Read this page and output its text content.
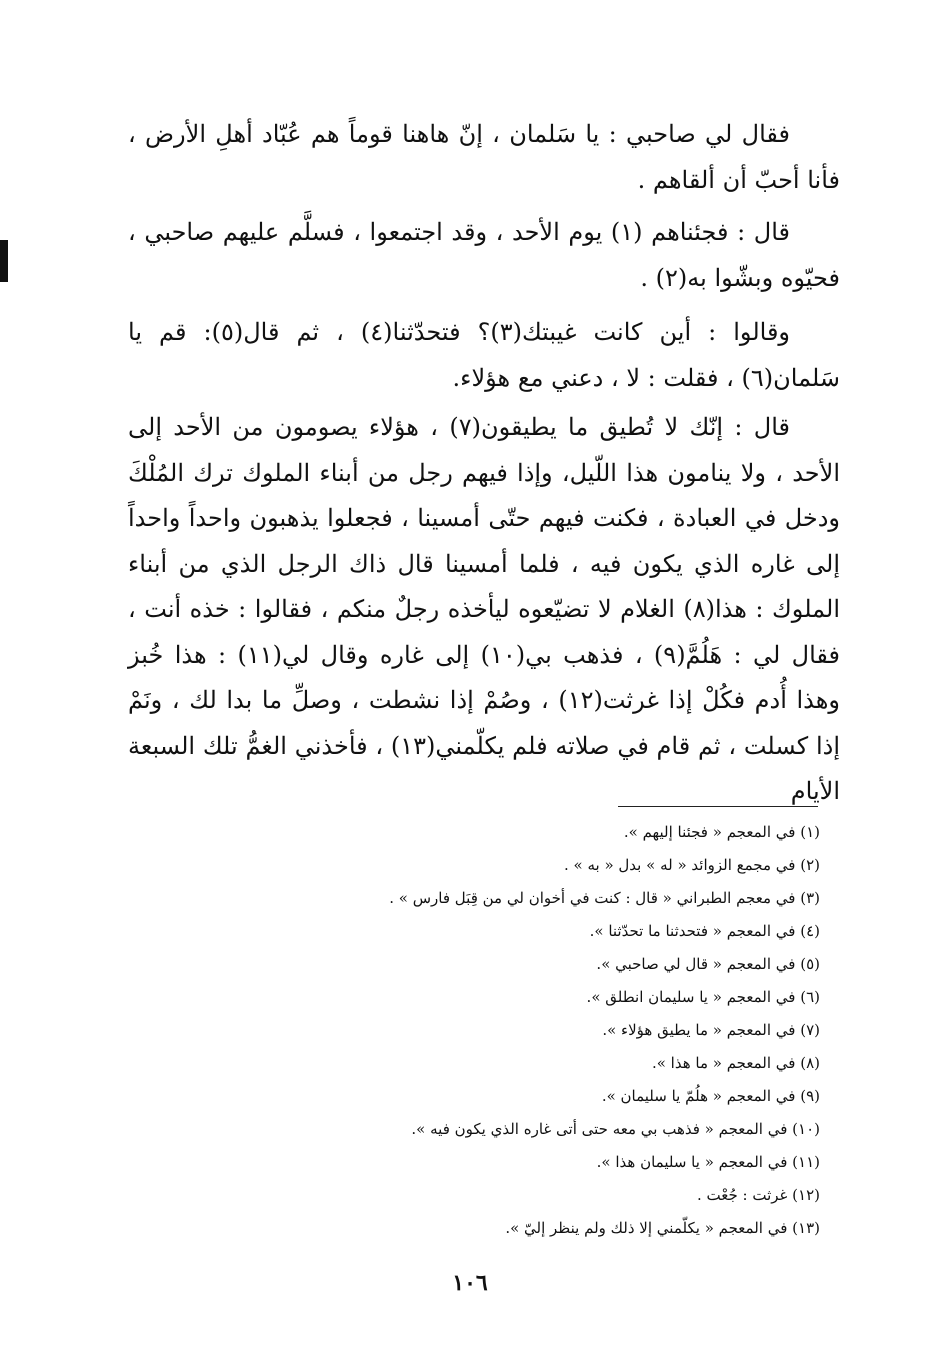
فقال لي صاحبي : يا سَلمان ، إنّ هاهنا قوماً هم عُبّاد أهلِ الأرض ، فأنا أحبّ أن ألقاهم .

قال : فجئناهم (١) يوم الأحد ، وقد اجتمعوا ، فسلَّم عليهم صاحبي ، فحيّوه وبشّوا به(٢) .

وقالوا : أين كانت غيبتك(٣)؟ فتحدّثنا(٤) ، ثم قال(٥): قم يا سَلمان(٦) ، فقلت : لا ، دعني مع هؤلاء.

قال : إنّك لا تُطيق ما يطيقون(٧) ، هؤلاء يصومون من الأحد إلى الأحد ، ولا ينامون هذا اللّيل، وإذا فيهم رجل من أبناء الملوك ترك المُلْكَ ودخل في العبادة ، فكنت فيهم حتّى أمسينا ، فجعلوا يذهبون واحداً واحداً إلى غاره الذي يكون فيه ، فلما أمسينا قال ذاك الرجل الذي من أبناء الملوك : هذا(٨) الغلام لا تضيّعوه ليأخذه رجلٌ منكم ، فقالوا : خذه أنت ، فقال لي : هَلُمَّ(٩) ، فذهب بي(١٠) إلى غاره وقال لي(١١) : هذا خُبز وهذا أُدم فكُلْ إذا غرثت(١٢) ، وصُمْ إذا نشطت ، وصلِّ ما بدا لك ، ونَمْ إذا كسلت ، ثم قام في صلاته فلم يكلّمني(١٣) ، فأخذني الغمُّ تلك السبعة الأيام

(١) في المعجم « فجئنا إليهم ».
(٢) في مجمع الزوائد « له » بدل « به » .
(٣) في معجم الطبراني « قال : كنت في أخوان لي من قِبَل فارس » .
(٤) في المعجم « فتحدثنا ما تحدّثنا ».
(٥) في المعجم « قال لي صاحبي ».
(٦) في المعجم « يا سليمان انطلق ».
(٧) في المعجم « ما يطيق هؤلاء ».
(٨) في المعجم « ما هذا ».
(٩) في المعجم « هلُمّ يا سليمان ».
(١٠) في المعجم « فذهب بي معه حتى أتى غاره الذي يكون فيه ».
(١١) في المعجم « يا سليمان هذا ».
(١٢) غرثت : جُعْت .
(١٣) في المعجم « يكلّمني إلا ذلك ولم ينظر إليّ ».
١٠٦
